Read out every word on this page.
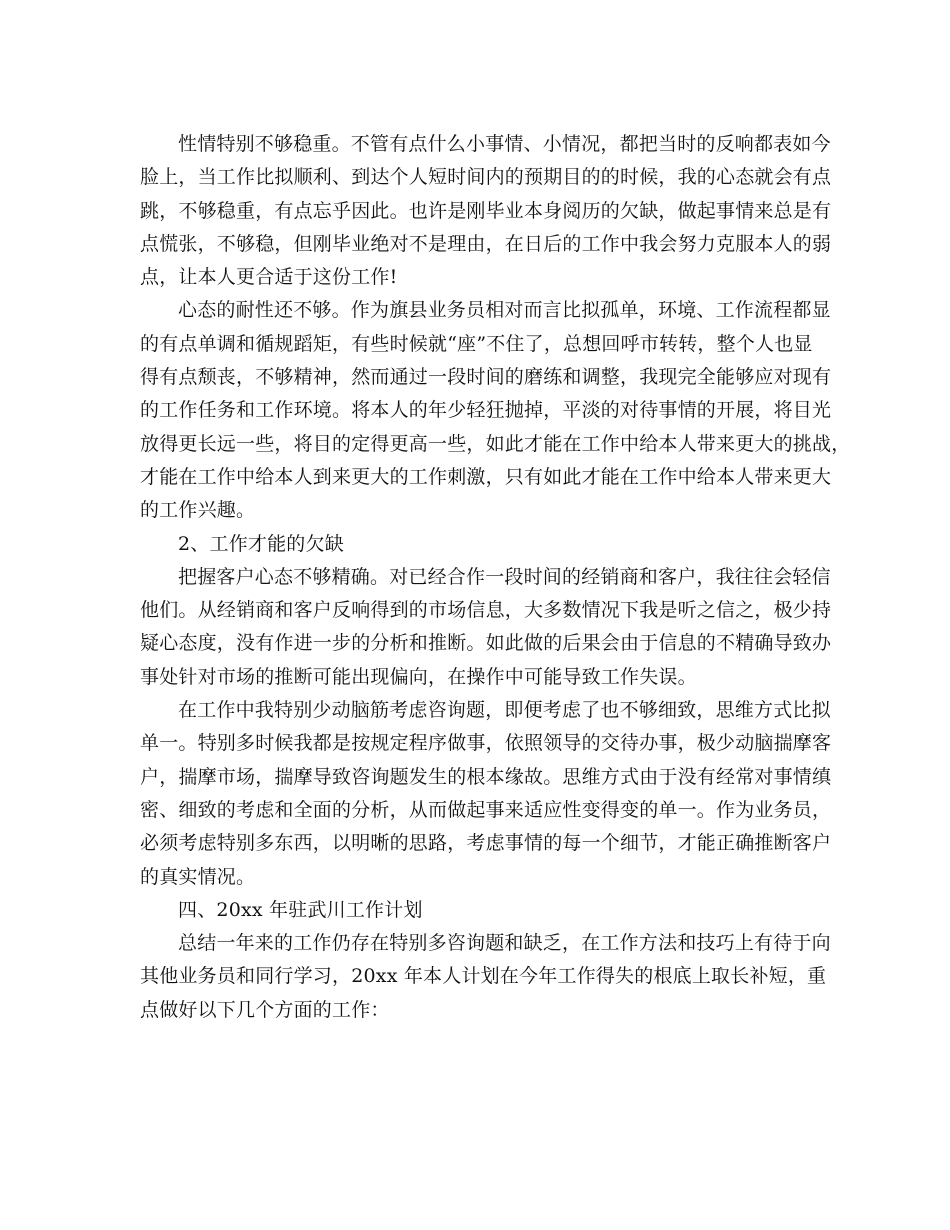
性情特别不够稳重。不管有点什么小事情、小情况，都把当时的反响都表如今
脸上，当工作比拟顺利、到达个人短时间内的预期目的的时候，我的心态就会有点
跳，不够稳重，有点忘乎因此。也许是刚毕业本身阅历的欠缺，做起事情来总是有
点慌张，不够稳，但刚毕业绝对不是理由，在日后的工作中我会努力克服本人的弱
点，让本人更合适于这份工作!
心态的耐性还不够。作为旗县业务员相对而言比拟孤单，环境、工作流程都显
的有点单调和循规蹈矩，有些时候就“座”不住了，总想回呼市转转，整个人也显
得有点颓丧，不够精神，然而通过一段时间的磨练和调整，我现完全能够应对现有
的工作任务和工作环境。将本人的年少轻狂抛掉，平淡的对待事情的开展，将目光
放得更长远一些，将目的定得更高一些，如此才能在工作中给本人带来更大的挑战，
才能在工作中给本人到来更大的工作刺激，只有如此才能在工作中给本人带来更大
的工作兴趣。
2、工作才能的欠缺
把握客户心态不够精确。对已经合作一段时间的经销商和客户，我往往会轻信
他们。从经销商和客户反响得到的市场信息，大多数情况下我是听之信之，极少持
疑心态度，没有作进一步的分析和推断。如此做的后果会由于信息的不精确导致办
事处针对市场的推断可能出现偏向，在操作中可能导致工作失误。
在工作中我特别少动脑筋考虑咨询题，即便考虑了也不够细致，思维方式比拟
单一。特别多时候我都是按规定程序做事，依照领导的交待办事，极少动脑揣摩客
户，揣摩市场，揣摩导致咨询题发生的根本缘故。思维方式由于没有经常对事情缜
密、细致的考虑和全面的分析，从而做起事来适应性变得变的单一。作为业务员，
必须考虑特别多东西，以明晰的思路，考虑事情的每一个细节，才能正确推断客户
的真实情况。
四、20xx 年驻武川工作计划
总结一年来的工作仍存在特别多咨询题和缺乏，在工作方法和技巧上有待于向
其他业务员和同行学习，20xx 年本人计划在今年工作得失的根底上取长补短，重
点做好以下几个方面的工作：
